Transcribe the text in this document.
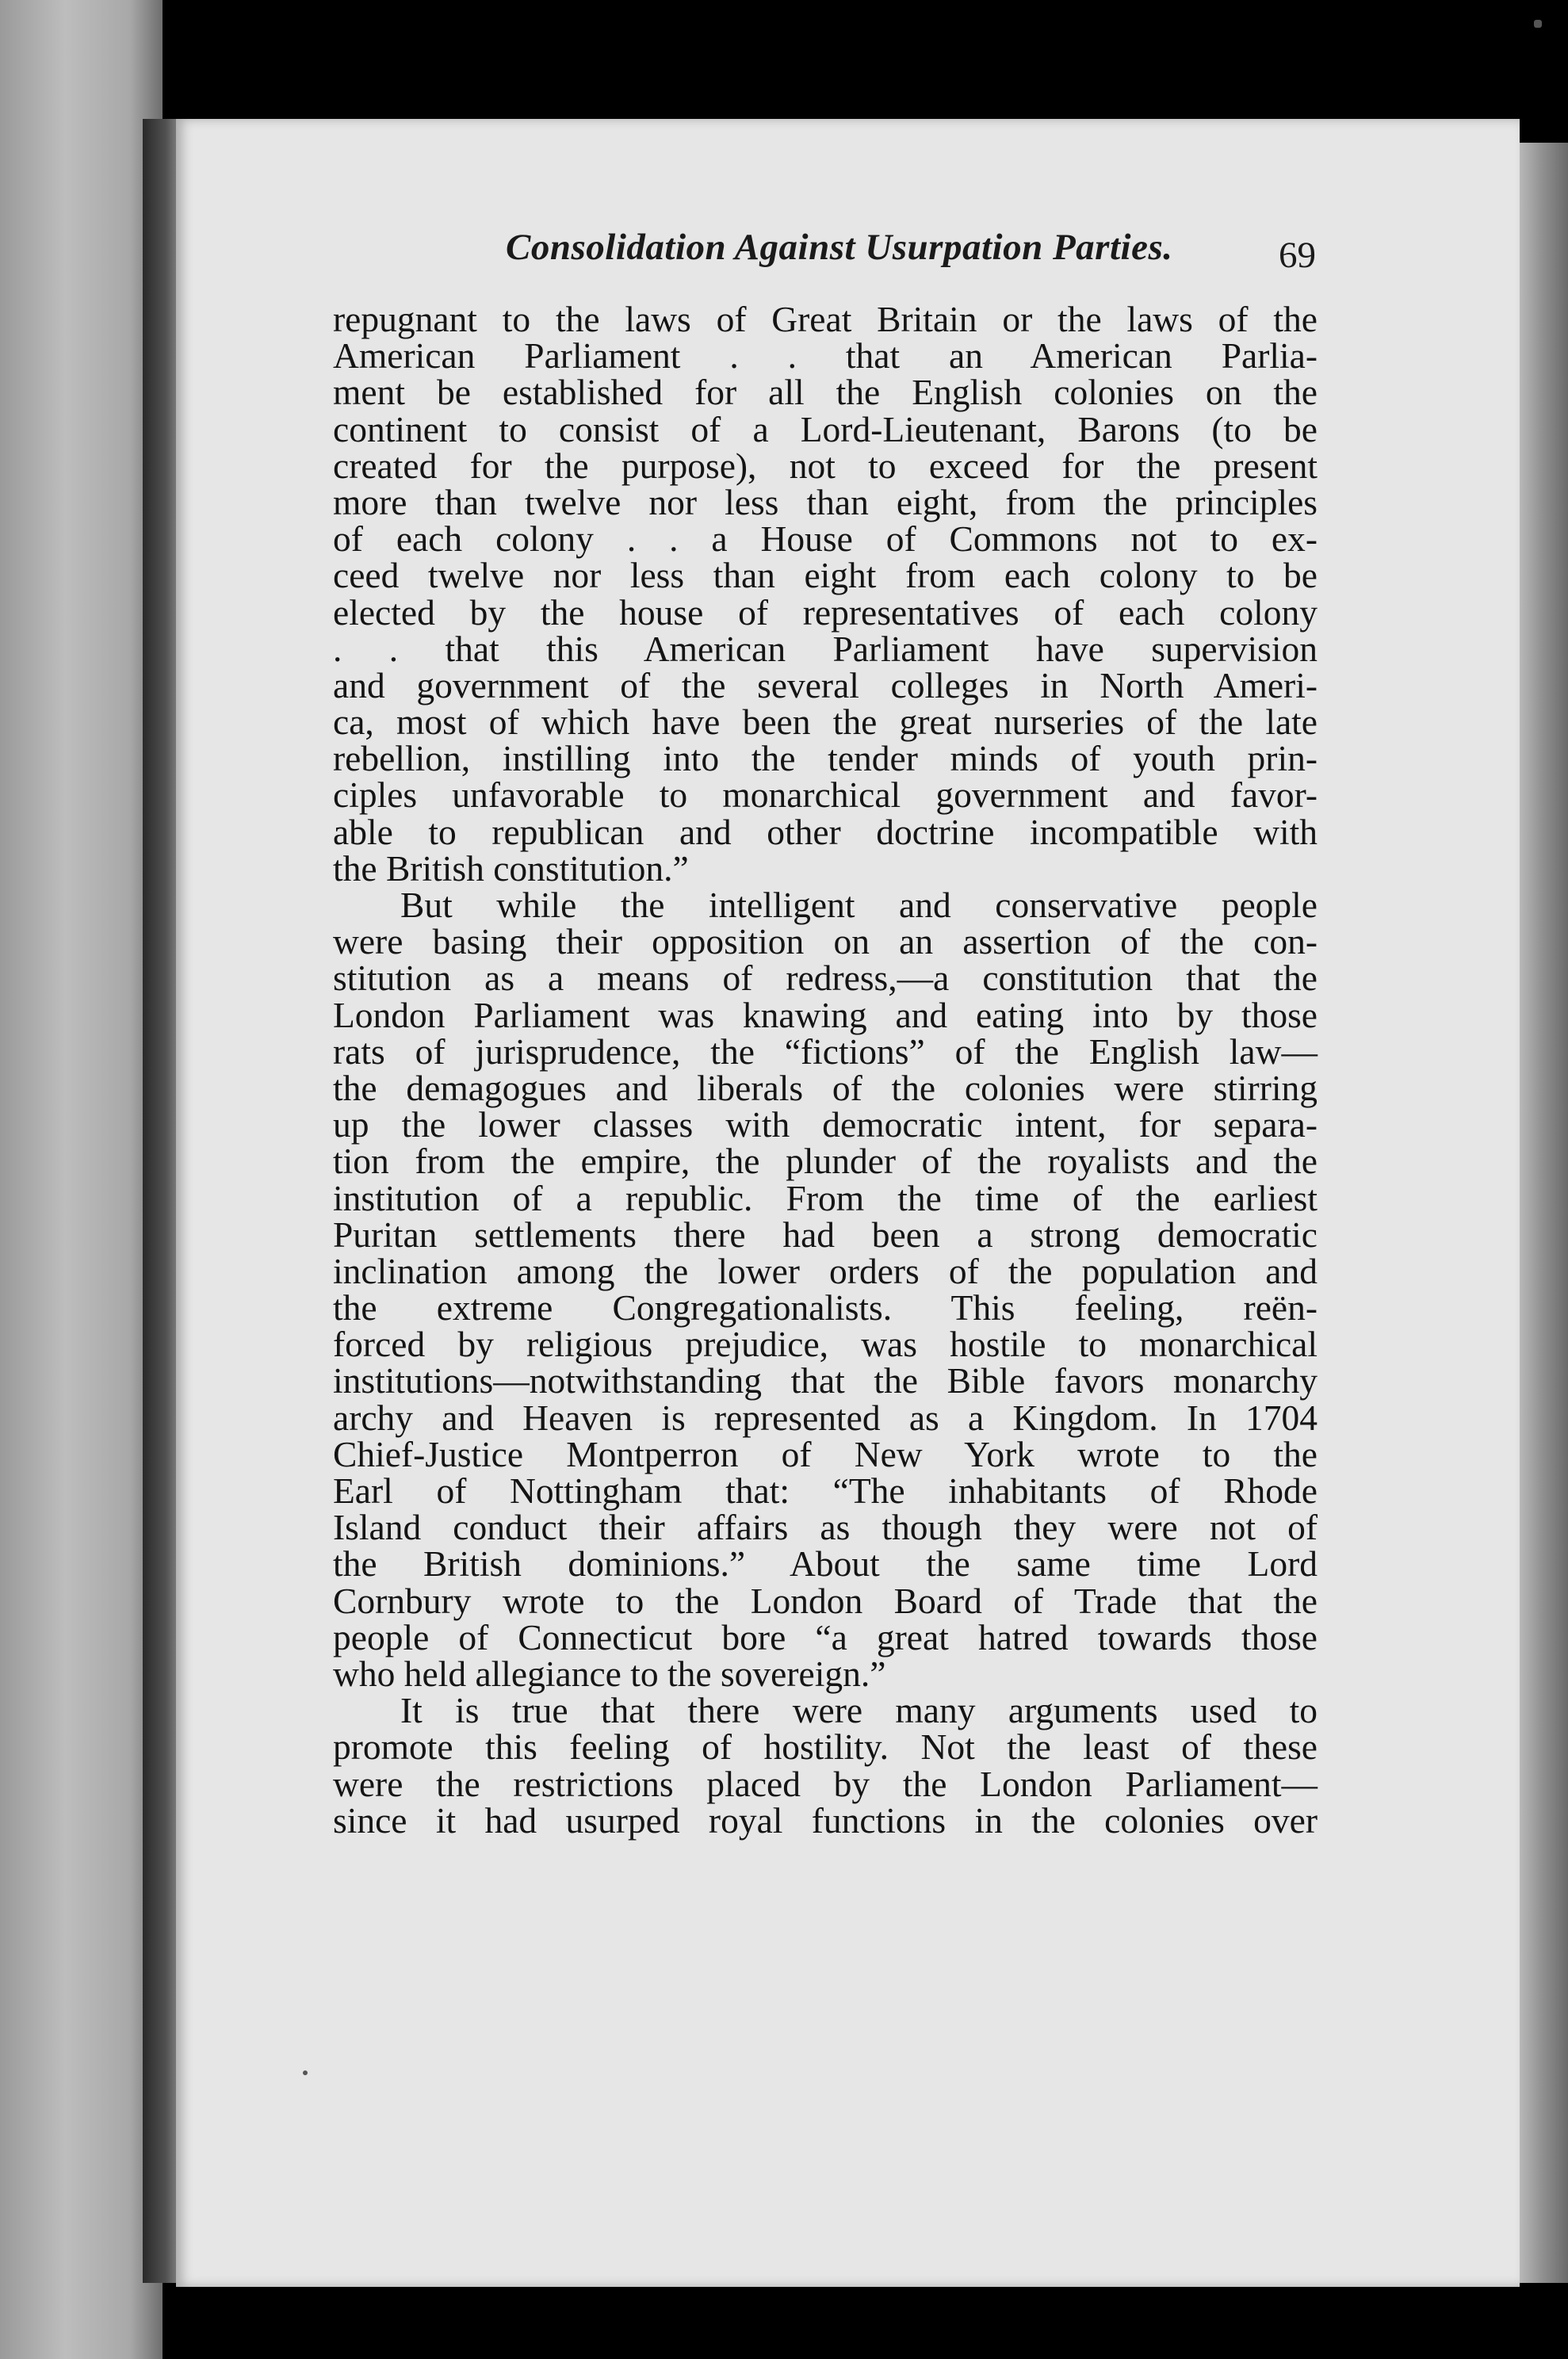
Consolidation Against Usurpation Parties.	69
repugnant to the laws of Great Britain or the laws of the
American Parliament . . that an American Parlia-
ment be established for all the English colonies on the
continent to consist of a Lord-Lieutenant, Barons (to be
created for the purpose), not to exceed for the present
more than twelve nor less than eight, from the principles
of each colony . . a House of Commons not to ex-
ceed twelve nor less than eight from each colony to be
elected by the house of representatives of each colony
. . that this American Parliament have supervision
and government of the several colleges in North Ameri-
ca, most of which have been the great nurseries of the late
rebellion, instilling into the tender minds of youth prin-
ciples unfavorable to monarchical government and favor-
able to republican and other doctrine incompatible with
the British constitution.”
But while the intelligent and conservative people
were basing their opposition on an assertion of the con-
stitution as a means of redress,—a constitution that the
London Parliament was knawing and eating into by those
rats of jurisprudence, the “fictions” of the English law—
the demagogues and liberals of the colonies were stirring
up the lower classes with democratic intent, for separa-
tion from the empire, the plunder of the royalists and the
institution of a republic. From the time of the earliest
Puritan settlements there had been a strong democratic
inclination among the lower orders of the population and
the extreme Congregationalists. This feeling, reën-
forced by religious prejudice, was hostile to monarchical
institutions—notwithstanding that the Bible favors monarchy
archy and Heaven is represented as a Kingdom. In 1704
Chief-Justice Montperron of New York wrote to the
Earl of Nottingham that: “The inhabitants of Rhode
Island conduct their affairs as though they were not of
the British dominions.” About the same time Lord
Cornbury wrote to the London Board of Trade that the
people of Connecticut bore “a great hatred towards those
who held allegiance to the sovereign.”
It is true that there were many arguments used to
promote this feeling of hostility. Not the least of these
were the restrictions placed by the London Parliament—
since it had usurped royal functions in the colonies over
